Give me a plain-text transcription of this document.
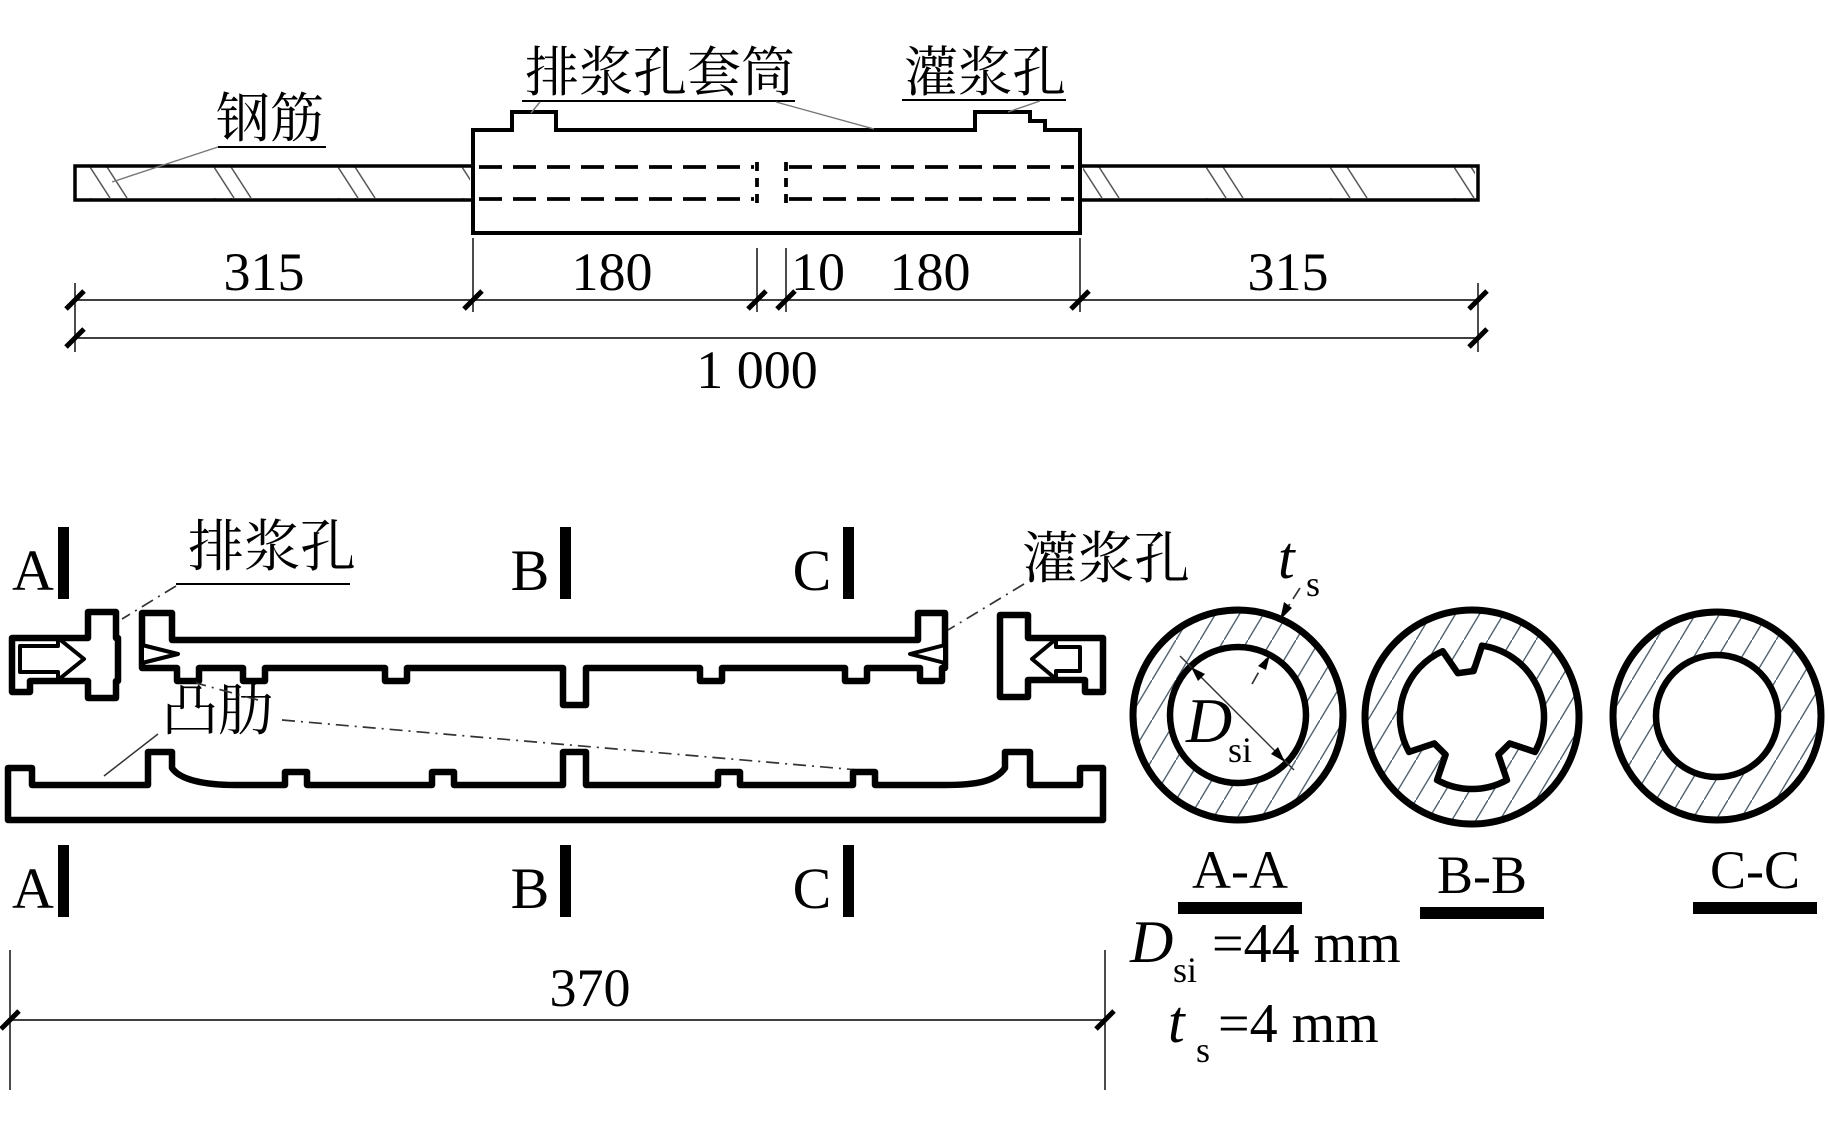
钢筋
排浆孔套筒 灌浆孔
315	180	10 180	315
1 000
A	B	C
排浆孔	灌浆孔
凸肋
A	B	C
370
D
si
t s
A-A	B-B	C-C
D si =44 mm
t s =4 mm
